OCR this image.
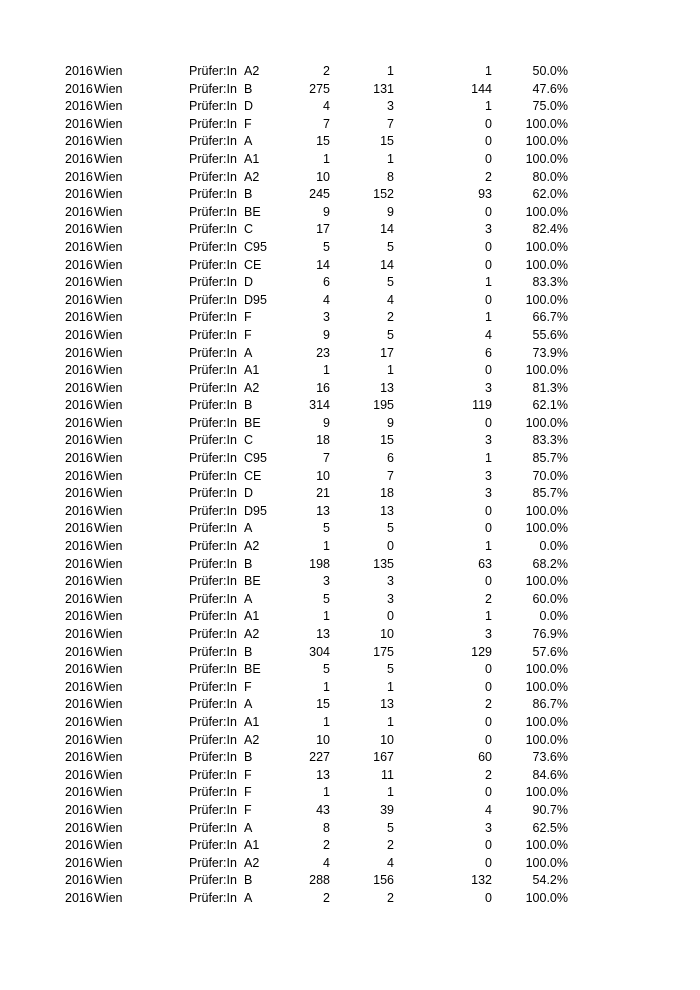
2016 Wien	Prüfer:In A2	2	1	1	50.0%
2016 Wien	Prüfer:In B	275	131	144	47.6%
2016 Wien	Prüfer:In D	4	3	1	75.0%
2016 Wien	Prüfer:In F	7	7	0	100.0%
2016 Wien	Prüfer:In A	15	15	0	100.0%
2016 Wien	Prüfer:In A1	1	1	0	100.0%
2016 Wien	Prüfer:In A2	10	8	2	80.0%
2016 Wien	Prüfer:In B	245	152	93	62.0%
2016 Wien	Prüfer:In BE	9	9	0	100.0%
2016 Wien	Prüfer:In C	17	14	3	82.4%
2016 Wien	Prüfer:In C95	5	5	0	100.0%
2016 Wien	Prüfer:In CE	14	14	0	100.0%
2016 Wien	Prüfer:In D	6	5	1	83.3%
2016 Wien	Prüfer:In D95	4	4	0	100.0%
2016 Wien	Prüfer:In F	3	2	1	66.7%
2016 Wien	Prüfer:In F	9	5	4	55.6%
2016 Wien	Prüfer:In A	23	17	6	73.9%
2016 Wien	Prüfer:In A1	1	1	0	100.0%
2016 Wien	Prüfer:In A2	16	13	3	81.3%
2016 Wien	Prüfer:In B	314	195	119	62.1%
2016 Wien	Prüfer:In BE	9	9	0	100.0%
2016 Wien	Prüfer:In C	18	15	3	83.3%
2016 Wien	Prüfer:In C95	7	6	1	85.7%
2016 Wien	Prüfer:In CE	10	7	3	70.0%
2016 Wien	Prüfer:In D	21	18	3	85.7%
2016 Wien	Prüfer:In D95	13	13	0	100.0%
2016 Wien	Prüfer:In A	5	5	0	100.0%
2016 Wien	Prüfer:In A2	1	0	1	0.0%
2016 Wien	Prüfer:In B	198	135	63	68.2%
2016 Wien	Prüfer:In BE	3	3	0	100.0%
2016 Wien	Prüfer:In A	5	3	2	60.0%
2016 Wien	Prüfer:In A1	1	0	1	0.0%
2016 Wien	Prüfer:In A2	13	10	3	76.9%
2016 Wien	Prüfer:In B	304	175	129	57.6%
2016 Wien	Prüfer:In BE	5	5	0	100.0%
2016 Wien	Prüfer:In F	1	1	0	100.0%
2016 Wien	Prüfer:In A	15	13	2	86.7%
2016 Wien	Prüfer:In A1	1	1	0	100.0%
2016 Wien	Prüfer:In A2	10	10	0	100.0%
2016 Wien	Prüfer:In B	227	167	60	73.6%
2016 Wien	Prüfer:In F	13	11	2	84.6%
2016 Wien	Prüfer:In F	1	1	0	100.0%
2016 Wien	Prüfer:In F	43	39	4	90.7%
2016 Wien	Prüfer:In A	8	5	3	62.5%
2016 Wien	Prüfer:In A1	2	2	0	100.0%
2016 Wien	Prüfer:In A2	4	4	0	100.0%
2016 Wien	Prüfer:In B	288	156	132	54.2%
2016 Wien	Prüfer:In A	2	2	0	100.0%
